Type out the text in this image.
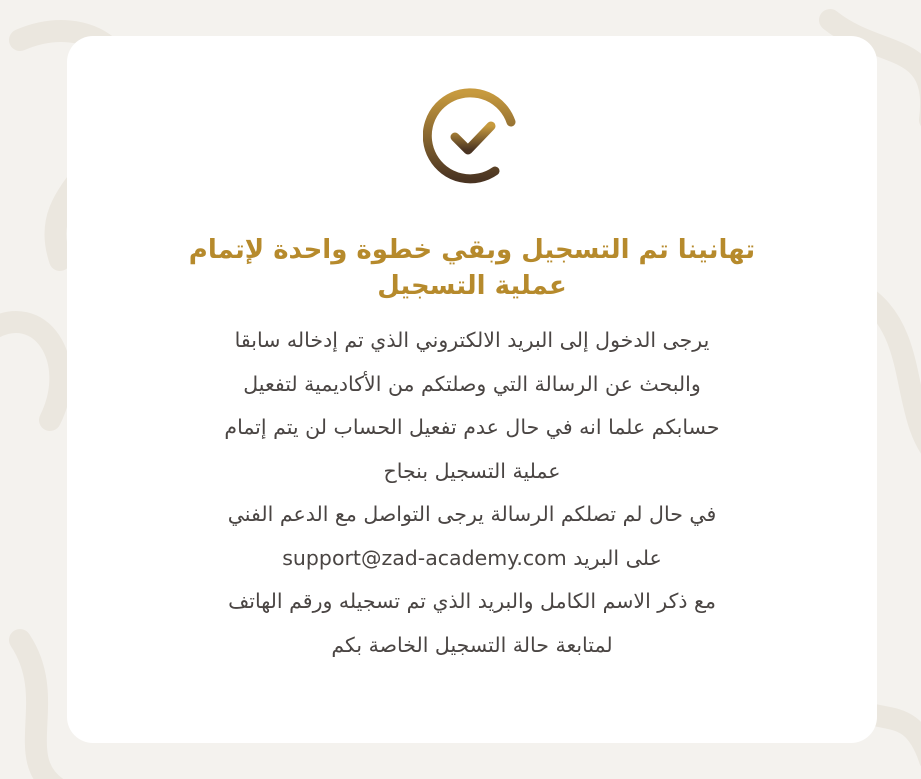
تهانينا تم التسجيل وبقي خطوة واحدة لإتمام
عملية التسجيل
يرجى الدخول إلى البريد الالكتروني الذي تم إدخاله سابقا
والبحث عن الرسالة التي وصلتكم من الأكاديمية لتفعيل
حسابكم علما انه في حال عدم تفعيل الحساب لن يتم إتمام
عملية التسجيل بنجاح
في حال لم تصلكم الرسالة يرجى التواصل مع الدعم الفني
على البريد support@zad-academy.com
مع ذكر الاسم الكامل والبريد الذي تم تسجيله ورقم الهاتف
لمتابعة حالة التسجيل الخاصة بكم
